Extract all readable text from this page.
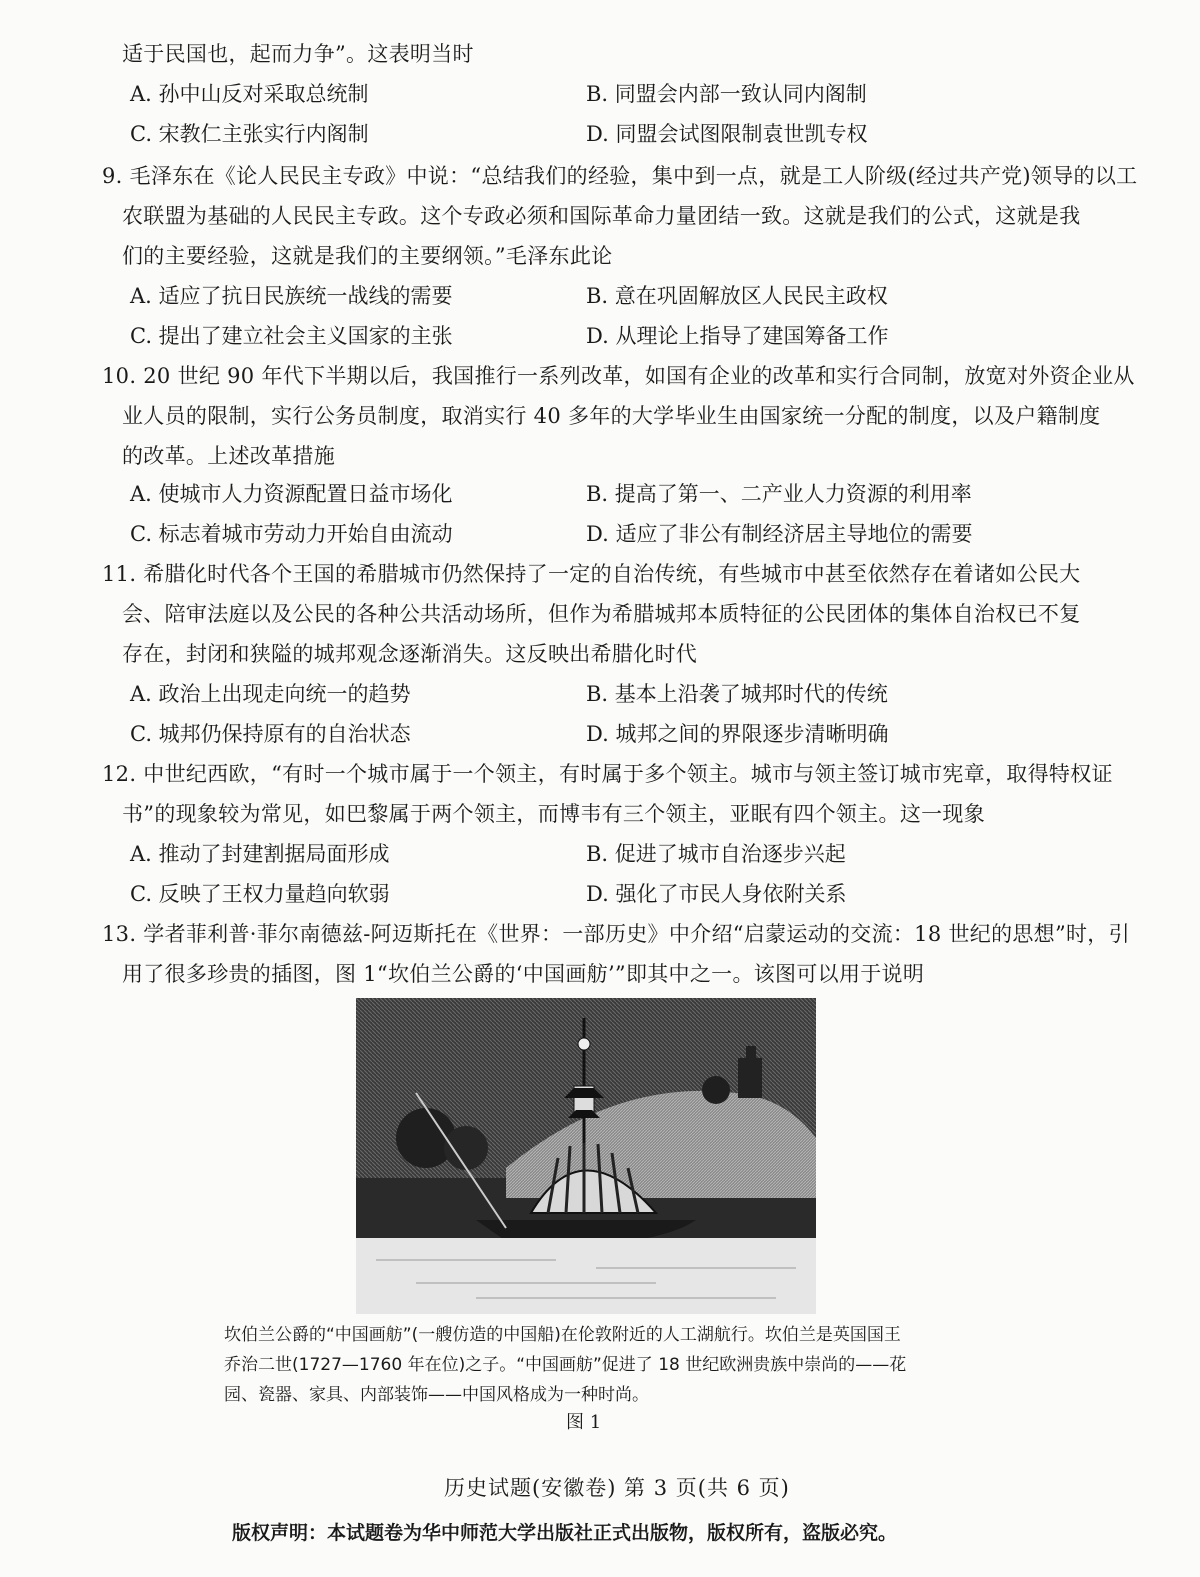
适于民国也，起而力争”。这表明当时
A. 孙中山反对采取总统制	B. 同盟会内部一致认同内阁制
C. 宋教仁主张实行内阁制	D. 同盟会试图限制袁世凯专权
9. 毛泽东在《论人民民主专政》中说：“总结我们的经验，集中到一点，就是工人阶级(经过共产党)领导的以工
农联盟为基础的人民民主专政。这个专政必须和国际革命力量团结一致。这就是我们的公式，这就是我
们的主要经验，这就是我们的主要纲领。”毛泽东此论
A. 适应了抗日民族统一战线的需要	B. 意在巩固解放区人民民主政权
C. 提出了建立社会主义国家的主张	D. 从理论上指导了建国筹备工作
10. 20 世纪 90 年代下半期以后，我国推行一系列改革，如国有企业的改革和实行合同制，放宽对外资企业从
业人员的限制，实行公务员制度，取消实行 40 多年的大学毕业生由国家统一分配的制度，以及户籍制度
的改革。上述改革措施
A. 使城市人力资源配置日益市场化	B. 提高了第一、二产业人力资源的利用率
C. 标志着城市劳动力开始自由流动	D. 适应了非公有制经济居主导地位的需要
11. 希腊化时代各个王国的希腊城市仍然保持了一定的自治传统，有些城市中甚至依然存在着诸如公民大
会、陪审法庭以及公民的各种公共活动场所，但作为希腊城邦本质特征的公民团体的集体自治权已不复
存在，封闭和狭隘的城邦观念逐渐消失。这反映出希腊化时代
A. 政治上出现走向统一的趋势	B. 基本上沿袭了城邦时代的传统
C. 城邦仍保持原有的自治状态	D. 城邦之间的界限逐步清晰明确
12. 中世纪西欧，“有时一个城市属于一个领主，有时属于多个领主。城市与领主签订城市宪章，取得特权证
书”的现象较为常见，如巴黎属于两个领主，而博韦有三个领主，亚眠有四个领主。这一现象
A. 推动了封建割据局面形成	B. 促进了城市自治逐步兴起
C. 反映了王权力量趋向软弱	D. 强化了市民人身依附关系
13. 学者菲利普·菲尔南德兹-阿迈斯托在《世界：一部历史》中介绍“启蒙运动的交流：18 世纪的思想”时，引
用了很多珍贵的插图，图 1“坎伯兰公爵的‘中国画舫’”即其中之一。该图可以用于说明
坎伯兰公爵的“中国画舫”(一艘仿造的中国船)在伦敦附近的人工湖航行。坎伯兰是英国国王
乔治二世(1727—1760 年在位)之子。“中国画舫”促进了 18 世纪欧洲贵族中崇尚的——花
园、瓷器、家具、内部装饰——中国风格成为一种时尚。
图 1
历史试题(安徽卷) 第 3 页(共 6 页)
版权声明：本试题卷为华中师范大学出版社正式出版物，版权所有，盗版必究。
